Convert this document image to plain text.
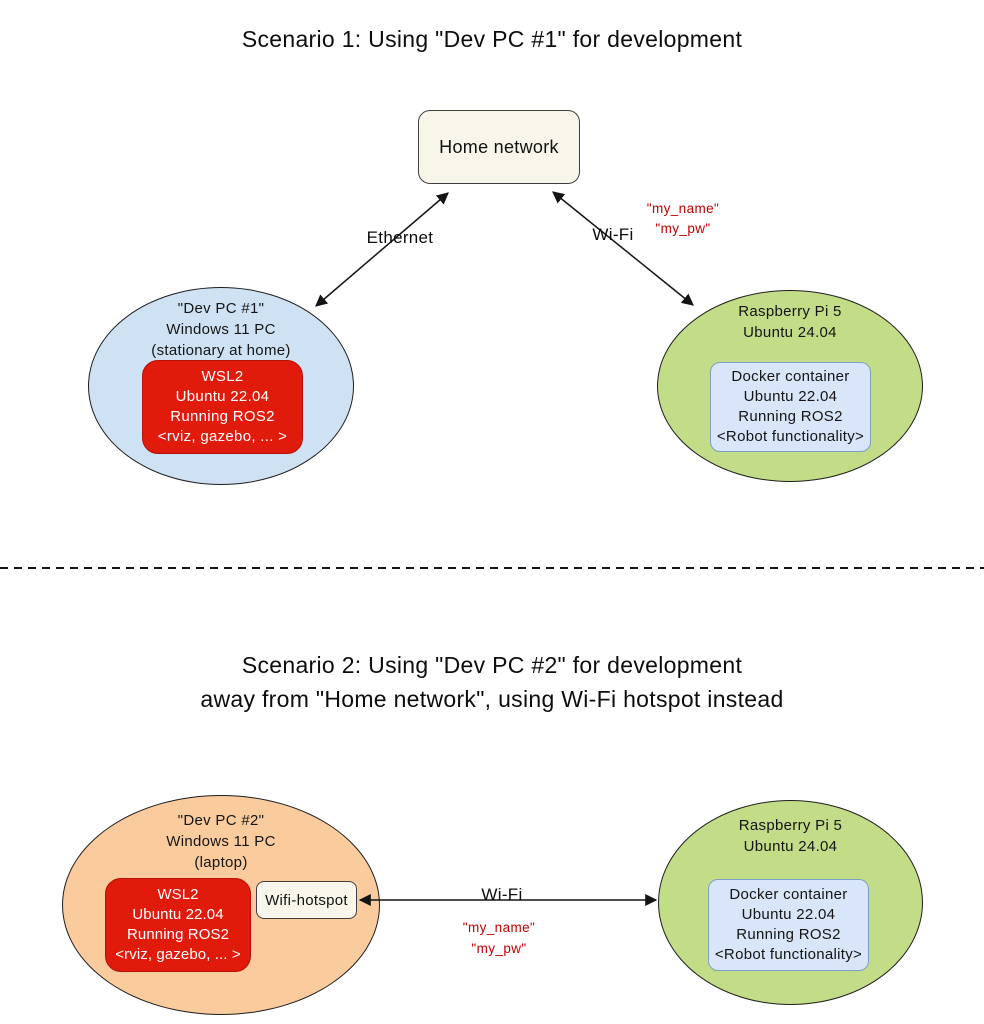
Scenario 1: Using "Dev PC #1" for development
Home network
Ethernet	Wi-Fi
"my_name"
"my_pw"
"Dev PC #1"
Windows 11 PC
(stationary at home)
WSL2
Ubuntu 22.04
Running ROS2
<rviz, gazebo, ... >
Raspberry Pi 5
Ubuntu 24.04
Docker container
Ubuntu 22.04
Running ROS2
<Robot functionality>
Scenario 2: Using "Dev PC #2" for development
away from "Home network", using Wi-Fi hotspot instead
"Dev PC #2"
Windows 11 PC
(laptop)
WSL2
Ubuntu 22.04
Running ROS2
<rviz, gazebo, ... >
Wifi-hotspot	Wi-Fi
"my_name"
"my_pw"
Raspberry Pi 5
Ubuntu 24.04
Docker container
Ubuntu 22.04
Running ROS2
<Robot functionality>
